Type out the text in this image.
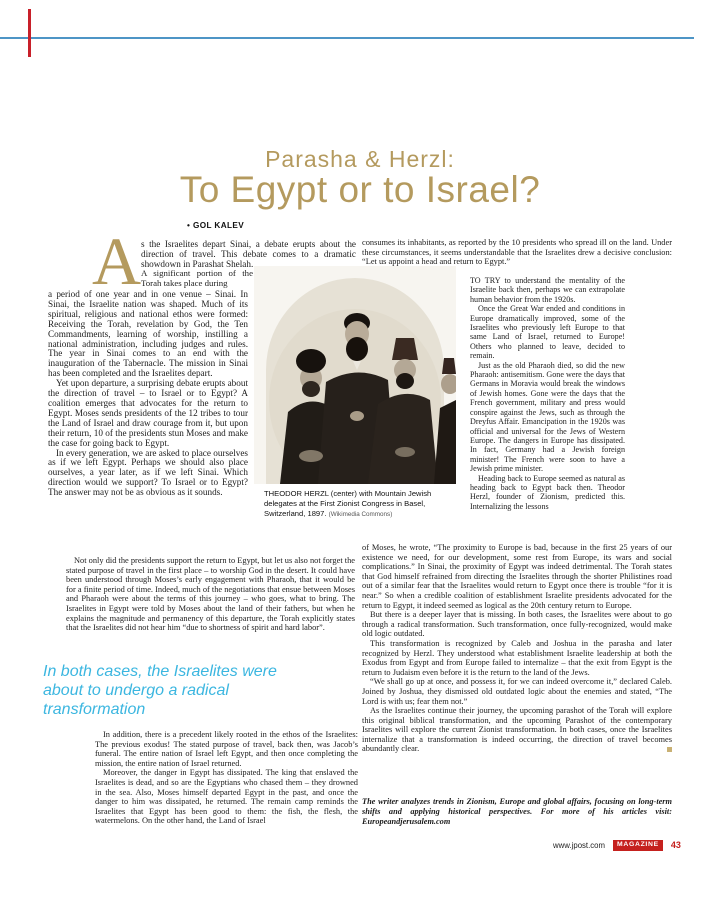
Parasha & Herzl:
To Egypt or to Israel?
• GOL KALEV
A s the Israelites depart Sinai, a debate erupts about the direction of travel. This debate comes to a dramatic showdown in Parashat Shelah.

A significant portion of the Torah takes place during

a period of one year and in one venue – Sinai. In Sinai, the Israelite nation was shaped. Much of its spiritual, religious and national ethos were formed: Receiving the Torah, revelation by God, the Ten Commandments, learning of worship, instilling a national administration, including judges and rules. The year in Sinai comes to an end with the inauguration of the Tabernacle. The mission in Sinai has been completed and the Israelites depart.

Yet upon departure, a surprising debate erupts about the direction of travel – to Israel or to Egypt? A coalition emerges that advocates for the return to Egypt. Moses sends presidents of the 12 tribes to tour the Land of Israel and draw courage from it, but upon their return, 10 of the presidents stun Moses and make the case for going back to Egypt.

In every generation, we are asked to place ourselves as if we left Egypt. Perhaps we should also place ourselves, a year later, as if we left Sinai. Which direction would we support? To Israel or to Egypt? The answer may not be as obvious as it sounds.

Not only did the presidents support the return to Egypt, but let us also not forget the stated purpose of travel in the first place – to worship God in the desert. It could have been understood through Moses’s early engagement with Pharaoh, that it would be for a finite period of time. Indeed, much of the negotiations that ensue between Moses and Pharaoh were about the terms of this journey – who goes, what to bring. The Israelites in Egypt were told by Moses about the land of their fathers, but when he explains the magnitude and permanency of this departure, the Torah explicitly states that the Israelites did not hear him “due to shortness of spirit and hard labor”.

In both cases, the Israelites were about to undergo a radical transformation

In addition, there is a precedent likely rooted in the ethos of the Israelites: The previous exodus! The stated purpose of travel, back then, was Jacob’s funeral. The entire nation of Israel left Egypt, and then once completing the mission, the entire nation of Israel returned.

Moreover, the danger in Egypt has dissipated. The king that enslaved the Israelites is dead, and so are the Egyptians who chased them – they drowned in the sea. Also, Moses himself departed Egypt in the past, and once the danger to him was dissipated, he returned. The remain camp reminds the Israelites that Egypt has been good to them: the fish, the flesh, the watermelons. On the other hand, the Land of Israel

THEODOR HERZL (center) with Mountain Jewish delegates at the First Zionist Congress in Basel, Switzerland, 1897. (Wikimedia Commons)

consumes its inhabitants, as reported by the 10 presidents who spread ill on the land. Under these circumstances, it seems understandable that the Israelites drew a decisive conclusion: “Let us appoint a head and return to Egypt.”

TO TRY to understand the mentality of the Israelite back then, perhaps we can extrapolate human behavior from the 1920s.

Once the Great War ended and conditions in Europe dramatically improved, some of the Israelites who previously left Europe to that same Land of Israel, returned to Europe! Others who planned to leave, decided to remain.

Just as the old Pharaoh died, so did the new Pharaoh: antisemitism. Gone were the days that Germans in Moravia would break the windows of Jewish homes. Gone were the days that the French government, military and press would conspire against the Jews, such as through the Dreyfus Affair. Emancipation in the 1920s was official and universal for the Jews of Western Europe. The dangers in Europe has dissipated. In fact, Germany had a Jewish foreign minister! The French were soon to have a Jewish prime minister.

Heading back to Europe seemed as natural as heading back to Egypt back then. Theodor Herzl, founder of Zionism, predicted this. Internalizing the lessons

of Moses, he wrote, “The proximity to Europe is bad, because in the first 25 years of our existence we need, for our development, some rest from Europe, its wars and social complications.” In Sinai, the proximity of Egypt was indeed detrimental. The Torah states that God himself refrained from directing the Israelites through the shorter Philistines road out of a similar fear that the Israelites would return to Egypt once there is trouble “for it is near.” So when a credible coalition of establishment Israelite presidents advocated for the return to Egypt, it indeed seemed as logical as the 20th century return to Europe.

But there is a deeper layer that is missing. In both cases, the Israelites were about to go through a radical transformation. Such transformation, once fully-recognized, would make old logic outdated.

This transformation is recognized by Caleb and Joshua in the parasha and later recognized by Herzl. They understood what establishment Israelite leadership at both the Exodus from Egypt and from Europe failed to internalize – that the exit from Egypt is the return to Judaism even before it is the return to the land of the Jews.

“We shall go up at once, and possess it, for we can indeed overcome it,” declared Caleb. Joined by Joshua, they dismissed old outdated logic about the enemies and stated, “The Lord is with us; fear them not.”

As the Israelites continue their journey, the upcoming parashot of the Torah will explore this original biblical transformation, and the upcoming Parashot of the contemporary Israelites will explore the current Zionist transformation. In both cases, once the Israelites internalize that a transformation is indeed occurring, the direction of travel becomes abundantly clear.

The writer analyzes trends in Zionism, Europe and global affairs, focusing on long-term shifts and applying historical perspectives. For more of his articles visit: Europeandjerusalem.com
www.jpost.com	MAGAZINE	43
